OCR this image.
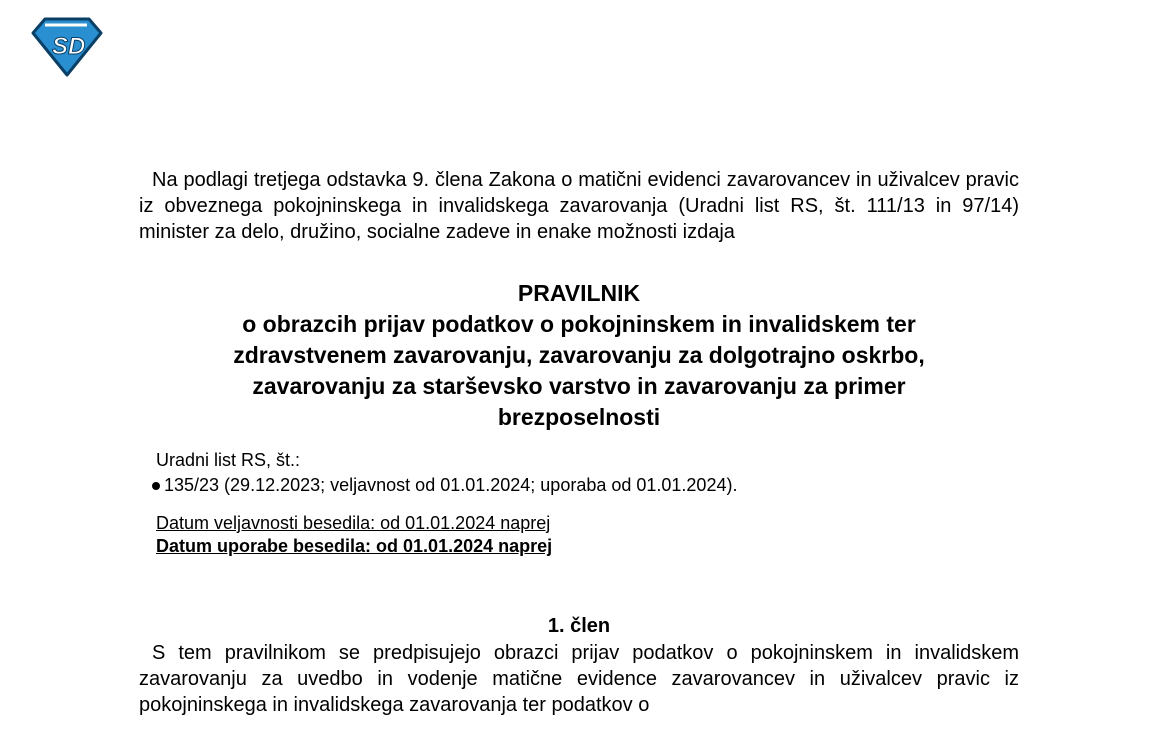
SD

Na podlagi tretjega odstavka 9. člena Zakona o matični evidenci zavarovancev in uživalcev pravic iz obveznega pokojninskega in invalidskega zavarovanja (Uradni list RS, št. 111/13 in 97/14) minister za delo, družino, socialne zadeve in enake možnosti izdaja

PRAVILNIK
o obrazcih prijav podatkov o pokojninskem in invalidskem ter
zdravstvenem zavarovanju, zavarovanju za dolgotrajno oskrbo,
zavarovanju za starševsko varstvo in zavarovanju za primer
brezposelnosti
Uradni list RS, št.:
135/23 (29.12.2023; veljavnost od 01.01.2024; uporaba od 01.01.2024).
Datum veljavnosti besedila: od 01.01.2024 naprej
Datum uporabe besedila: od 01.01.2024 naprej
1. člen

S tem pravilnikom se predpisujejo obrazci prijav podatkov o pokojninskem in invalidskem zavarovanju za uvedbo in vodenje matične evidence zavarovancev in uživalcev pravic iz pokojninskega in invalidskega zavarovanja ter podatkov o
